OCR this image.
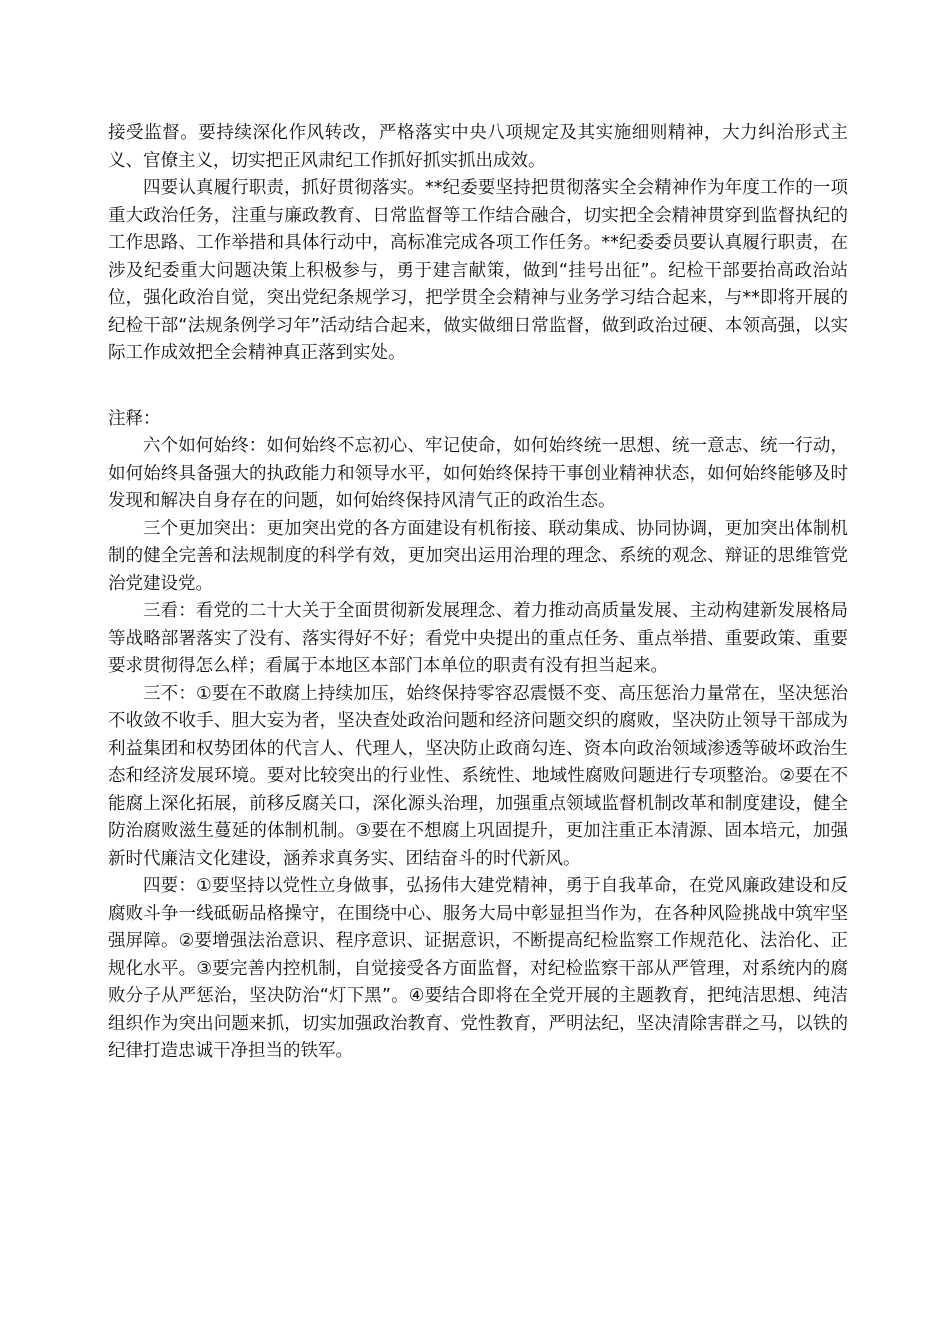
接受监督。要持续深化作风转改，严格落实中央八项规定及其实施细则精神，大力纠治形式主义、官僚主义，切实把正风肃纪工作抓好抓实抓出成效。

四要认真履行职责，抓好贯彻落实。**纪委要坚持把贯彻落实全会精神作为年度工作的一项重大政治任务，注重与廉政教育、日常监督等工作结合融合，切实把全会精神贯穿到监督执纪的工作思路、工作举措和具体行动中，高标准完成各项工作任务。**纪委委员要认真履行职责，在涉及纪委重大问题决策上积极参与，勇于建言献策，做到“挂号出征”。纪检干部要抬高政治站位，强化政治自觉，突出党纪条规学习，把学贯全会精神与业务学习结合起来，与**即将开展的纪检干部“法规条例学习年”活动结合起来，做实做细日常监督，做到政治过硬、本领高强，以实际工作成效把全会精神真正落到实处。

注释：

六个如何始终：如何始终不忘初心、牢记使命，如何始终统一思想、统一意志、统一行动，如何始终具备强大的执政能力和领导水平，如何始终保持干事创业精神状态，如何始终能够及时发现和解决自身存在的问题，如何始终保持风清气正的政治生态。

三个更加突出：更加突出党的各方面建设有机衔接、联动集成、协同协调，更加突出体制机制的健全完善和法规制度的科学有效，更加突出运用治理的理念、系统的观念、辩证的思维管党治党建设党。

三看：看党的二十大关于全面贯彻新发展理念、着力推动高质量发展、主动构建新发展格局等战略部署落实了没有、落实得好不好；看党中央提出的重点任务、重点举措、重要政策、重要要求贯彻得怎么样；看属于本地区本部门本单位的职责有没有担当起来。

三不：①要在不敢腐上持续加压，始终保持零容忍震慑不变、高压惩治力量常在，坚决惩治不收敛不收手、胆大妄为者，坚决查处政治问题和经济问题交织的腐败，坚决防止领导干部成为利益集团和权势团体的代言人、代理人，坚决防止政商勾连、资本向政治领域渗透等破坏政治生态和经济发展环境。要对比较突出的行业性、系统性、地域性腐败问题进行专项整治。②要在不能腐上深化拓展，前移反腐关口，深化源头治理，加强重点领域监督机制改革和制度建设，健全防治腐败滋生蔓延的体制机制。③要在不想腐上巩固提升，更加注重正本清源、固本培元，加强新时代廉洁文化建设，涵养求真务实、团结奋斗的时代新风。

四要：①要坚持以党性立身做事，弘扬伟大建党精神，勇于自我革命，在党风廉政建设和反腐败斗争一线砥砺品格操守，在围绕中心、服务大局中彰显担当作为，在各种风险挑战中筑牢坚强屏障。②要增强法治意识、程序意识、证据意识，不断提高纪检监察工作规范化、法治化、正规化水平。③要完善内控机制，自觉接受各方面监督，对纪检监察干部从严管理，对系统内的腐败分子从严惩治，坚决防治“灯下黑”。④要结合即将在全党开展的主题教育，把纯洁思想、纯洁组织作为突出问题来抓，切实加强政治教育、党性教育，严明法纪，坚决清除害群之马，以铁的纪律打造忠诚干净担当的铁军。
